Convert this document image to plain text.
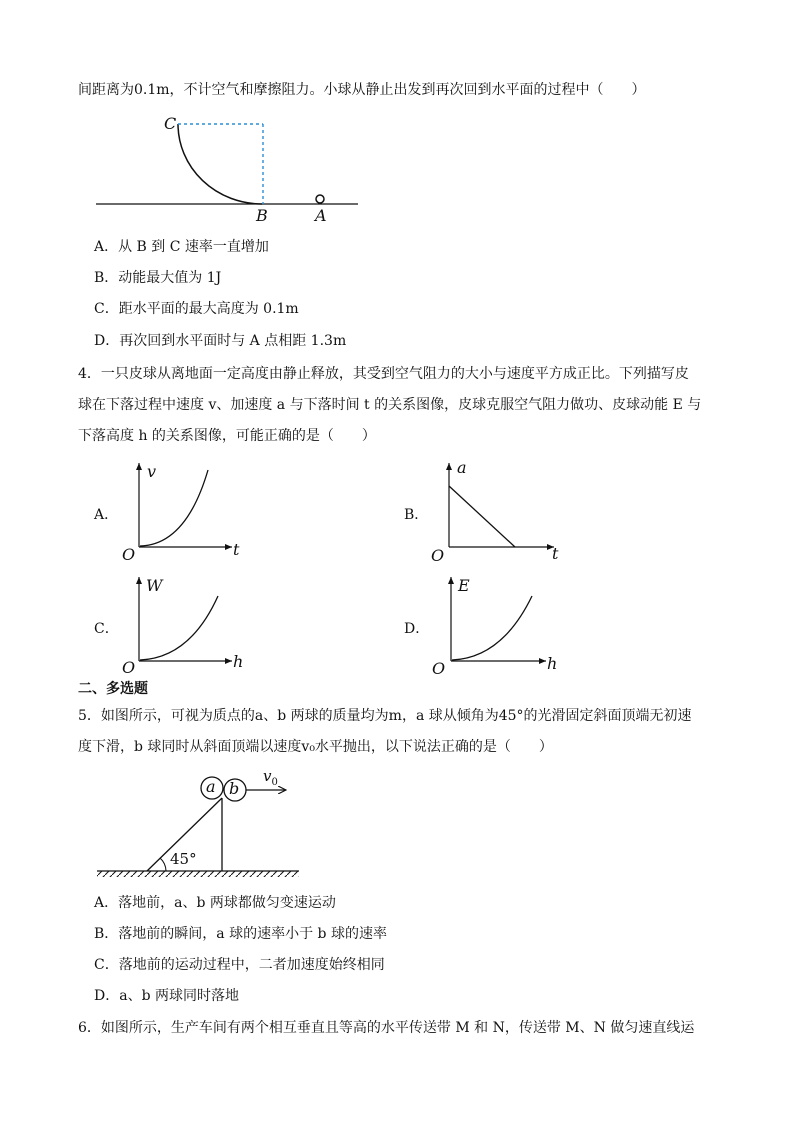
间距离为0.1m，不计空气和摩擦阻力。小球从静止出发到再次回到水平面的过程中（　　）
C
B	A
A．从 B 到 C 速率一直增加
B．动能最大值为 1J
C．距水平面的最大高度为 0.1m
D．再次回到水平面时与 A 点相距 1.3m
4．一只皮球从离地面一定高度由静止释放，其受到空气阻力的大小与速度平方成正比。下列描写皮
球在下落过程中速度 v、加速度 a 与下落时间 t 的关系图像，皮球克服空气阻力做功、皮球动能 E 与
下落高度 h 的关系图像，可能正确的是（　　）
A．
v
t
O
B．
a
t
O
C．
W
h
O
D．
E
h
O
二、多选题
5．如图所示，可视为质点的a、b 两球的质量均为m，a 球从倾角为45°的光滑固定斜面顶端无初速
度下滑，b 球同时从斜面顶端以速度v₀水平抛出，以下说法正确的是（　　）
a b
$v_0$
45°
A．落地前，a、b 两球都做匀变速运动
B．落地前的瞬间，a 球的速率小于 b 球的速率
C．落地前的运动过程中，二者加速度始终相同
D．a、b 两球同时落地
6．如图所示，生产车间有两个相互垂直且等高的水平传送带 M 和 N，传送带 M、N 做匀速直线运
